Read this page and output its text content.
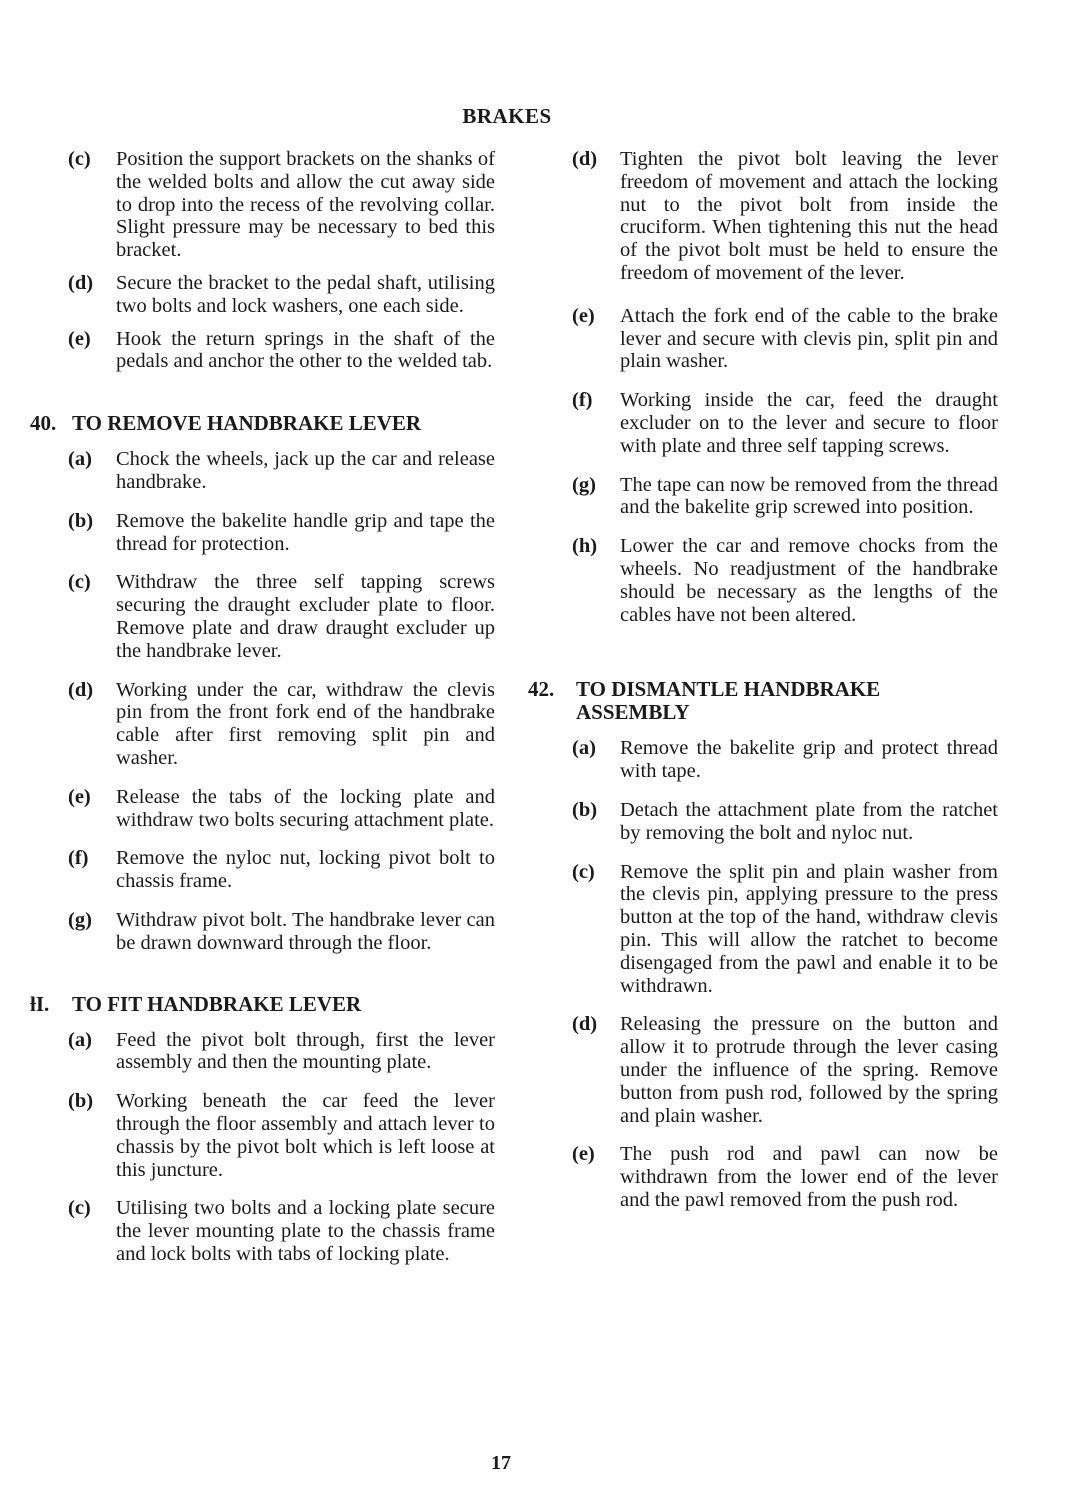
BRAKES
(c) Position the support brackets on the shanks of the welded bolts and allow the cut away side to drop into the recess of the revolving collar. Slight pressure may be necessary to bed this bracket.
(d) Secure the bracket to the pedal shaft, utilising two bolts and lock washers, one each side.
(e) Hook the return springs in the shaft of the pedals and anchor the other to the welded tab.
40. TO REMOVE HANDBRAKE LEVER
(a) Chock the wheels, jack up the car and release handbrake.
(b) Remove the bakelite handle grip and tape the thread for protection.
(c) Withdraw the three self tapping screws securing the draught excluder plate to floor. Remove plate and draw draught excluder up the handbrake lever.
(d) Working under the car, withdraw the clevis pin from the front fork end of the handbrake cable after first removing split pin and washer.
(e) Release the tabs of the locking plate and withdraw two bolts securing attachment plate.
(f) Remove the nyloc nut, locking pivot bolt to chassis frame.
(g) Withdraw pivot bolt. The handbrake lever can be drawn downward through the floor.
ƚI.	TO FIT HANDBRAKE LEVER
(a) Feed the pivot bolt through, first the lever assembly and then the mounting plate.
(b) Working beneath the car feed the lever through the floor assembly and attach lever to chassis by the pivot bolt which is left loose at this juncture.
(c) Utilising two bolts and a locking plate secure the lever mounting plate to the chassis frame and lock bolts with tabs of locking plate.
(d) Tighten the pivot bolt leaving the lever freedom of movement and attach the locking nut to the pivot bolt from inside the cruciform. When tightening this nut the head of the pivot bolt must be held to ensure the freedom of movement of the lever.
(e) Attach the fork end of the cable to the brake lever and secure with clevis pin, split pin and plain washer.
(f) Working inside the car, feed the draught excluder on to the lever and secure to floor with plate and three self tapping screws.
(g) The tape can now be removed from the thread and the bakelite grip screwed into position.
(h) Lower the car and remove chocks from the wheels. No readjustment of the handbrake should be necessary as the lengths of the cables have not been altered.
42.	TO DISMANTLE HANDBRAKE
ASSEMBLY
(a) Remove the bakelite grip and protect thread with tape.
(b) Detach the attachment plate from the ratchet by removing the bolt and nyloc nut.
(c) Remove the split pin and plain washer from the clevis pin, applying pressure to the press button at the top of the hand, withdraw clevis pin. This will allow the ratchet to become disengaged from the pawl and enable it to be withdrawn.
(d) Releasing the pressure on the button and allow it to protrude through the lever casing under the influence of the spring. Remove button from push rod, followed by the spring and plain washer.
(e) The push rod and pawl can now be withdrawn from the lower end of the lever and the pawl removed from the push rod.
17
